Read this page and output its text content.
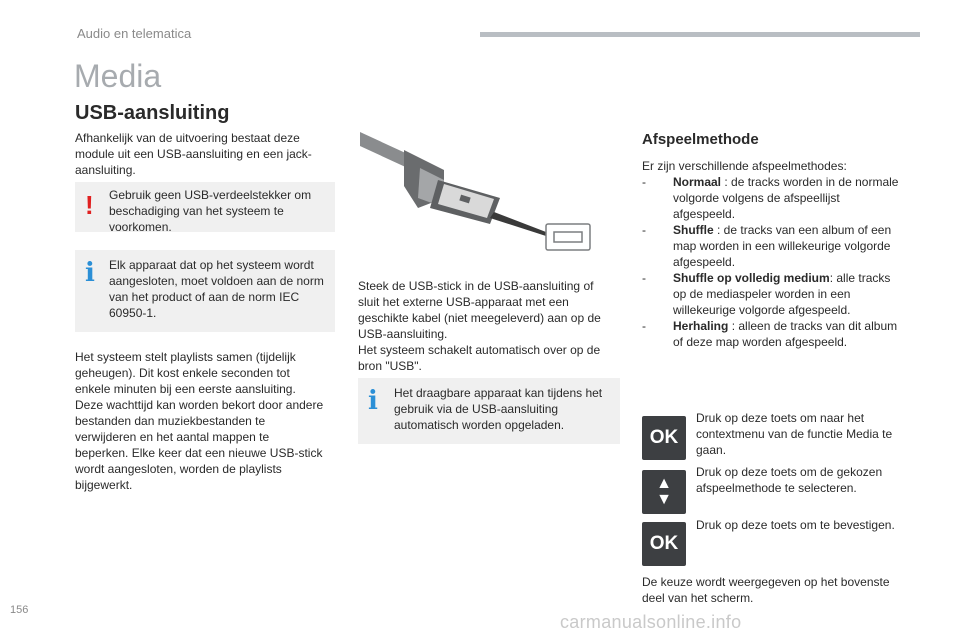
Audio en telematica
Media
USB-aansluiting
Afhankelijk van de uitvoering bestaat deze module uit een USB-aansluiting en een jack-aansluiting.
! Gebruik geen USB-verdeelstekker om beschadiging van het systeem te voorkomen.
i Elk apparaat dat op het systeem wordt aangesloten, moet voldoen aan de norm van het product of aan de norm IEC 60950-1.
Het systeem stelt playlists samen (tijdelijk geheugen). Dit kost enkele seconden tot enkele minuten bij een eerste aansluiting. Deze wachttijd kan worden bekort door andere bestanden dan muziekbestanden te verwijderen en het aantal mappen te beperken. Elke keer dat een nieuwe USB-stick wordt aangesloten, worden de playlists bijgewerkt.
Steek de USB-stick in de USB-aansluiting of sluit het externe USB-apparaat met een geschikte kabel (niet meegeleverd) aan op de USB-aansluiting.
Het systeem schakelt automatisch over op de bron "USB".
i Het draagbare apparaat kan tijdens het gebruik via de USB-aansluiting automatisch worden opgeladen.
Afspeelmethode
Er zijn verschillende afspeelmethodes:
- Normaal : de tracks worden in de normale volgorde volgens de afspeellijst afgespeeld.
- Shuffle : de tracks van een album of een map worden in een willekeurige volgorde afgespeeld.
- Shuffle op volledig medium: alle tracks op de mediaspeler worden in een willekeurige volgorde afgespeeld.
- Herhaling : alleen de tracks van dit album of deze map worden afgespeeld.
OK
Druk op deze toets om naar het contextmenu van de functie Media te gaan.
▲
▼
Druk op deze toets om de gekozen afspeelmethode te selecteren.
OK
Druk op deze toets om te bevestigen.
De keuze wordt weergegeven op het bovenste deel van het scherm.
156
carmanualsonline.info
